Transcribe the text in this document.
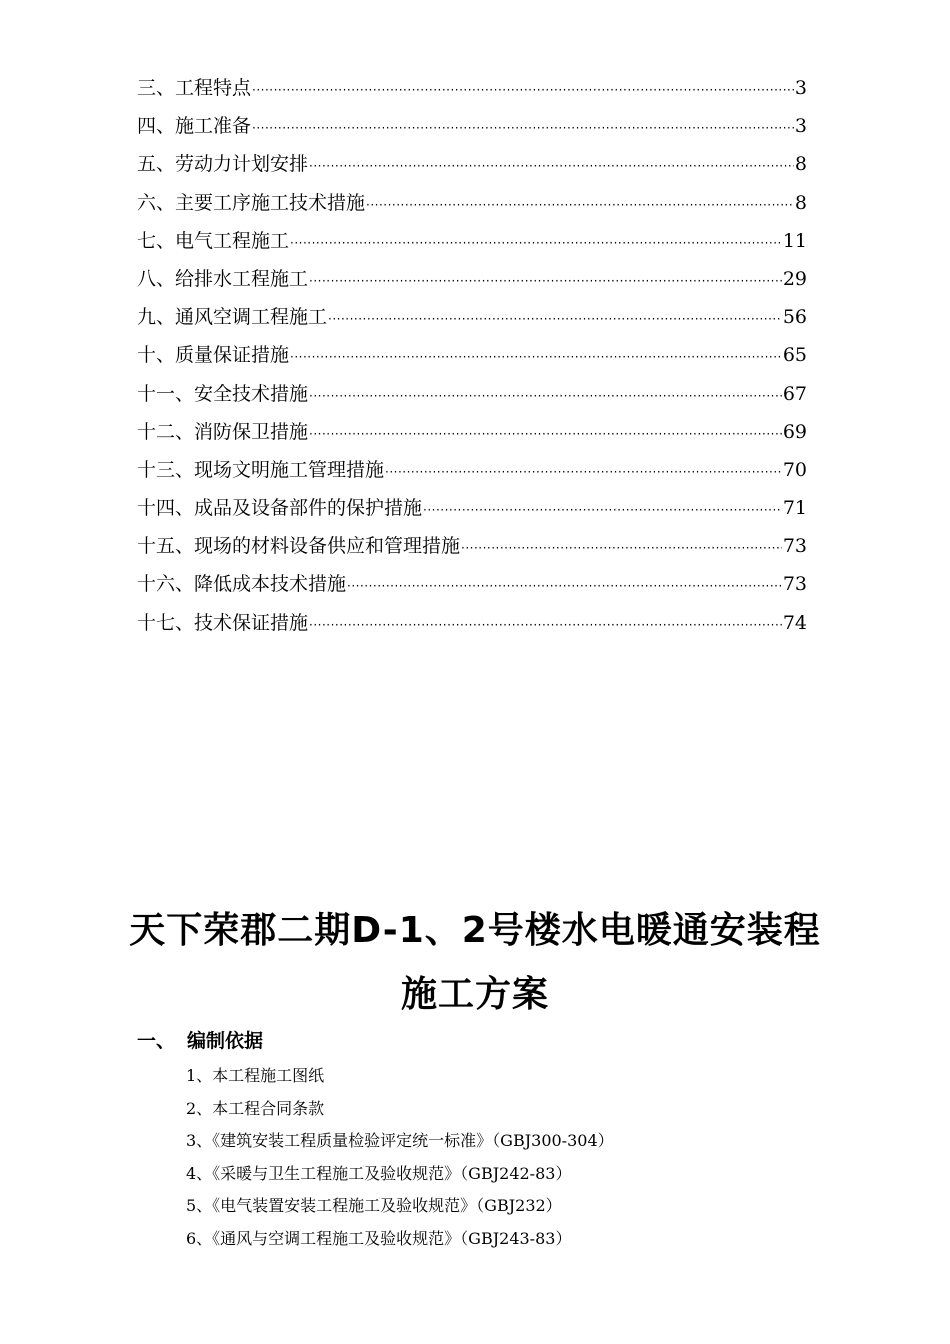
三、工程特点 ·····	3
四、施工准备 ·····	3
五、劳动力计划安排 ·····	8
六、主要工序施工技术措施 ·····	8
七、电气工程施工 ·····	11
八、给排水工程施工 ·····	29
九、通风空调工程施工 ·····	56
十、质量保证措施 ·····	65
十一、安全技术措施 ·····	67
十二、消防保卫措施 ·····	69
十三、现场文明施工管理措施 ·····	70
十四、成品及设备部件的保护措施 ·····	71
十五、现场的材料设备供应和管理措施 ·····	73
十六、降低成本技术措施 ·····	73
十七、技术保证措施 ·····	74
天下荣郡二期D-1、2号楼水电暖通安装程
施工方案
一、 编制依据
1、本工程施工图纸
2、本工程合同条款
3、《建筑安装工程质量检验评定统一标准》（GBJ300-304）
4、《采暖与卫生工程施工及验收规范》（GBJ242-83）
5、《电气装置安装工程施工及验收规范》（GBJ232）
6、《通风与空调工程施工及验收规范》（GBJ243-83）
